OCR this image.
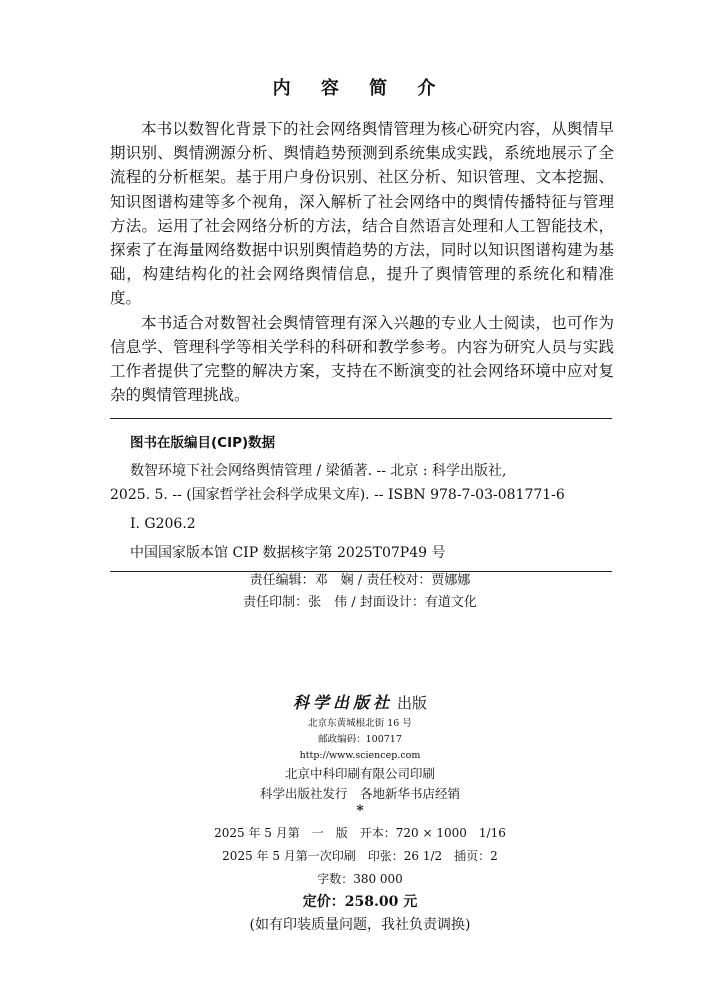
内 容 简 介

本书以数智化背景下的社会网络舆情管理为核心研究内容，从舆情早期识别、舆情溯源分析、舆情趋势预测到系统集成实践，系统地展示了全流程的分析框架。基于用户身份识别、社区分析、知识管理、文本挖掘、知识图谱构建等多个视角，深入解析了社会网络中的舆情传播特征与管理方法。运用了社会网络分析的方法，结合自然语言处理和人工智能技术，探索了在海量网络数据中识别舆情趋势的方法，同时以知识图谱构建为基础，构建结构化的社会网络舆情信息，提升了舆情管理的系统化和精准度。

本书适合对数智社会舆情管理有深入兴趣的专业人士阅读，也可作为信息学、管理科学等相关学科的科研和教学参考。内容为研究人员与实践工作者提供了完整的解决方案，支持在不断演变的社会网络环境中应对复杂的舆情管理挑战。

图书在版编目(CIP)数据
数智环境下社会网络舆情管理 / 梁循著. -- 北京 : 科学出版社,
2025. 5. -- (国家哲学社会科学成果文库). -- ISBN 978-7-03-081771-6
Ⅰ. G206.2
中国国家版本馆 CIP 数据核字第 2025T07P49 号
责任编辑：邓　娴 / 责任校对：贾娜娜
责任印制：张　伟 / 封面设计：有道文化
科学出版社 出版
北京东黄城根北街 16 号
邮政编码：100717
http://www.sciencep.com
北京中科印刷有限公司印刷
科学出版社发行　各地新华书店经销
*
2025 年 5 月第　一　版　开本：720 × 1000　1/16
2025 年 5 月第一次印刷　印张：26 1/2　插页：2
字数：380 000
定价：258.00 元
(如有印装质量问题，我社负责调换)
